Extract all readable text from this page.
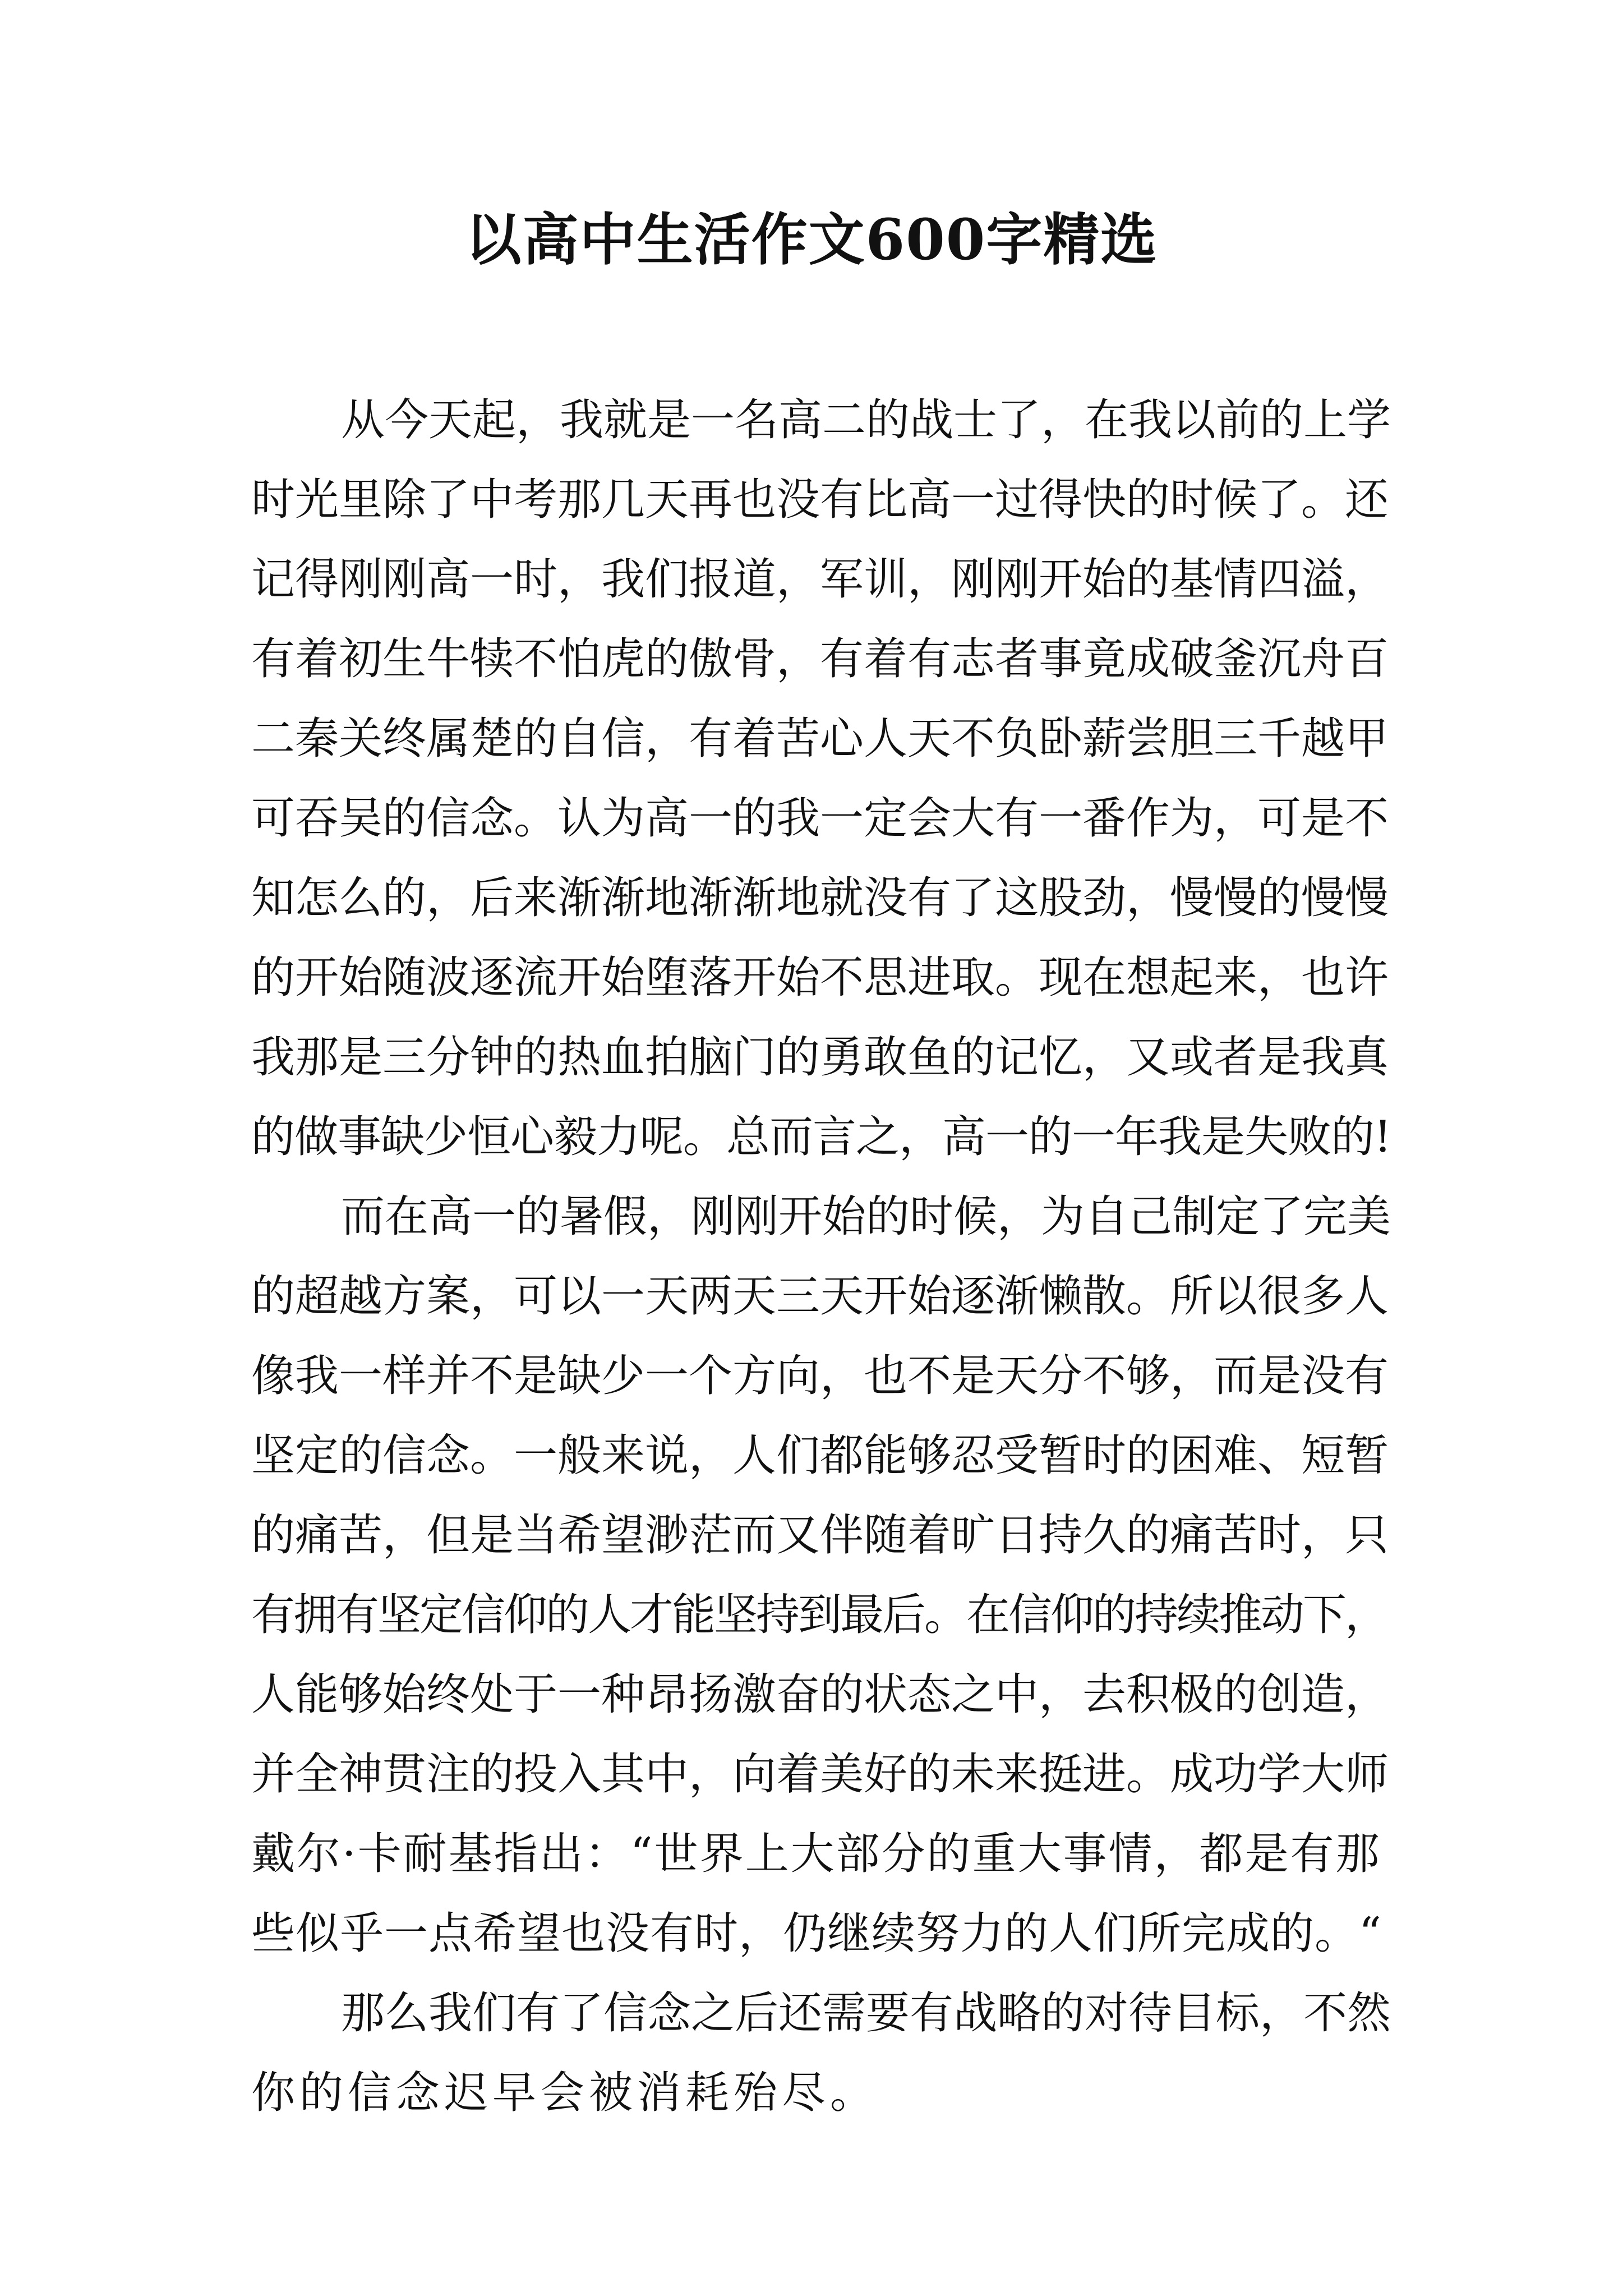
以高中生活作文600字精选
从今天起，我就是一名高二的战士了，在我以前的上学
时光里除了中考那几天再也没有比高一过得快的时候了。还
记得刚刚高一时，我们报道，军训，刚刚开始的基情四溢，
有着初生牛犊不怕虎的傲骨，有着有志者事竟成破釜沉舟百
二秦关终属楚的自信，有着苦心人天不负卧薪尝胆三千越甲
可吞吴的信念。认为高一的我一定会大有一番作为，可是不
知怎么的，后来渐渐地渐渐地就没有了这股劲，慢慢的慢慢
的开始随波逐流开始堕落开始不思进取。现在想起来，也许
我那是三分钟的热血拍脑门的勇敢鱼的记忆，又或者是我真
的做事缺少恒心毅力呢。总而言之，高一的一年我是失败的!
而在高一的暑假，刚刚开始的时候，为自己制定了完美
的超越方案，可以一天两天三天开始逐渐懒散。所以很多人
像我一样并不是缺少一个方向，也不是天分不够，而是没有
坚定的信念。一般来说，人们都能够忍受暂时的困难、短暂
的痛苦，但是当希望渺茫而又伴随着旷日持久的痛苦时，只
有拥有坚定信仰的人才能坚持到最后。在信仰的持续推动下，
人能够始终处于一种昂扬激奋的状态之中，去积极的创造，
并全神贯注的投入其中，向着美好的未来挺进。成功学大师
戴尔·卡耐基指出：“世界上大部分的重大事情，都是有那
些似乎一点希望也没有时，仍继续努力的人们所完成的。“
那么我们有了信念之后还需要有战略的对待目标，不然
你的信念迟早会被消耗殆尽。
